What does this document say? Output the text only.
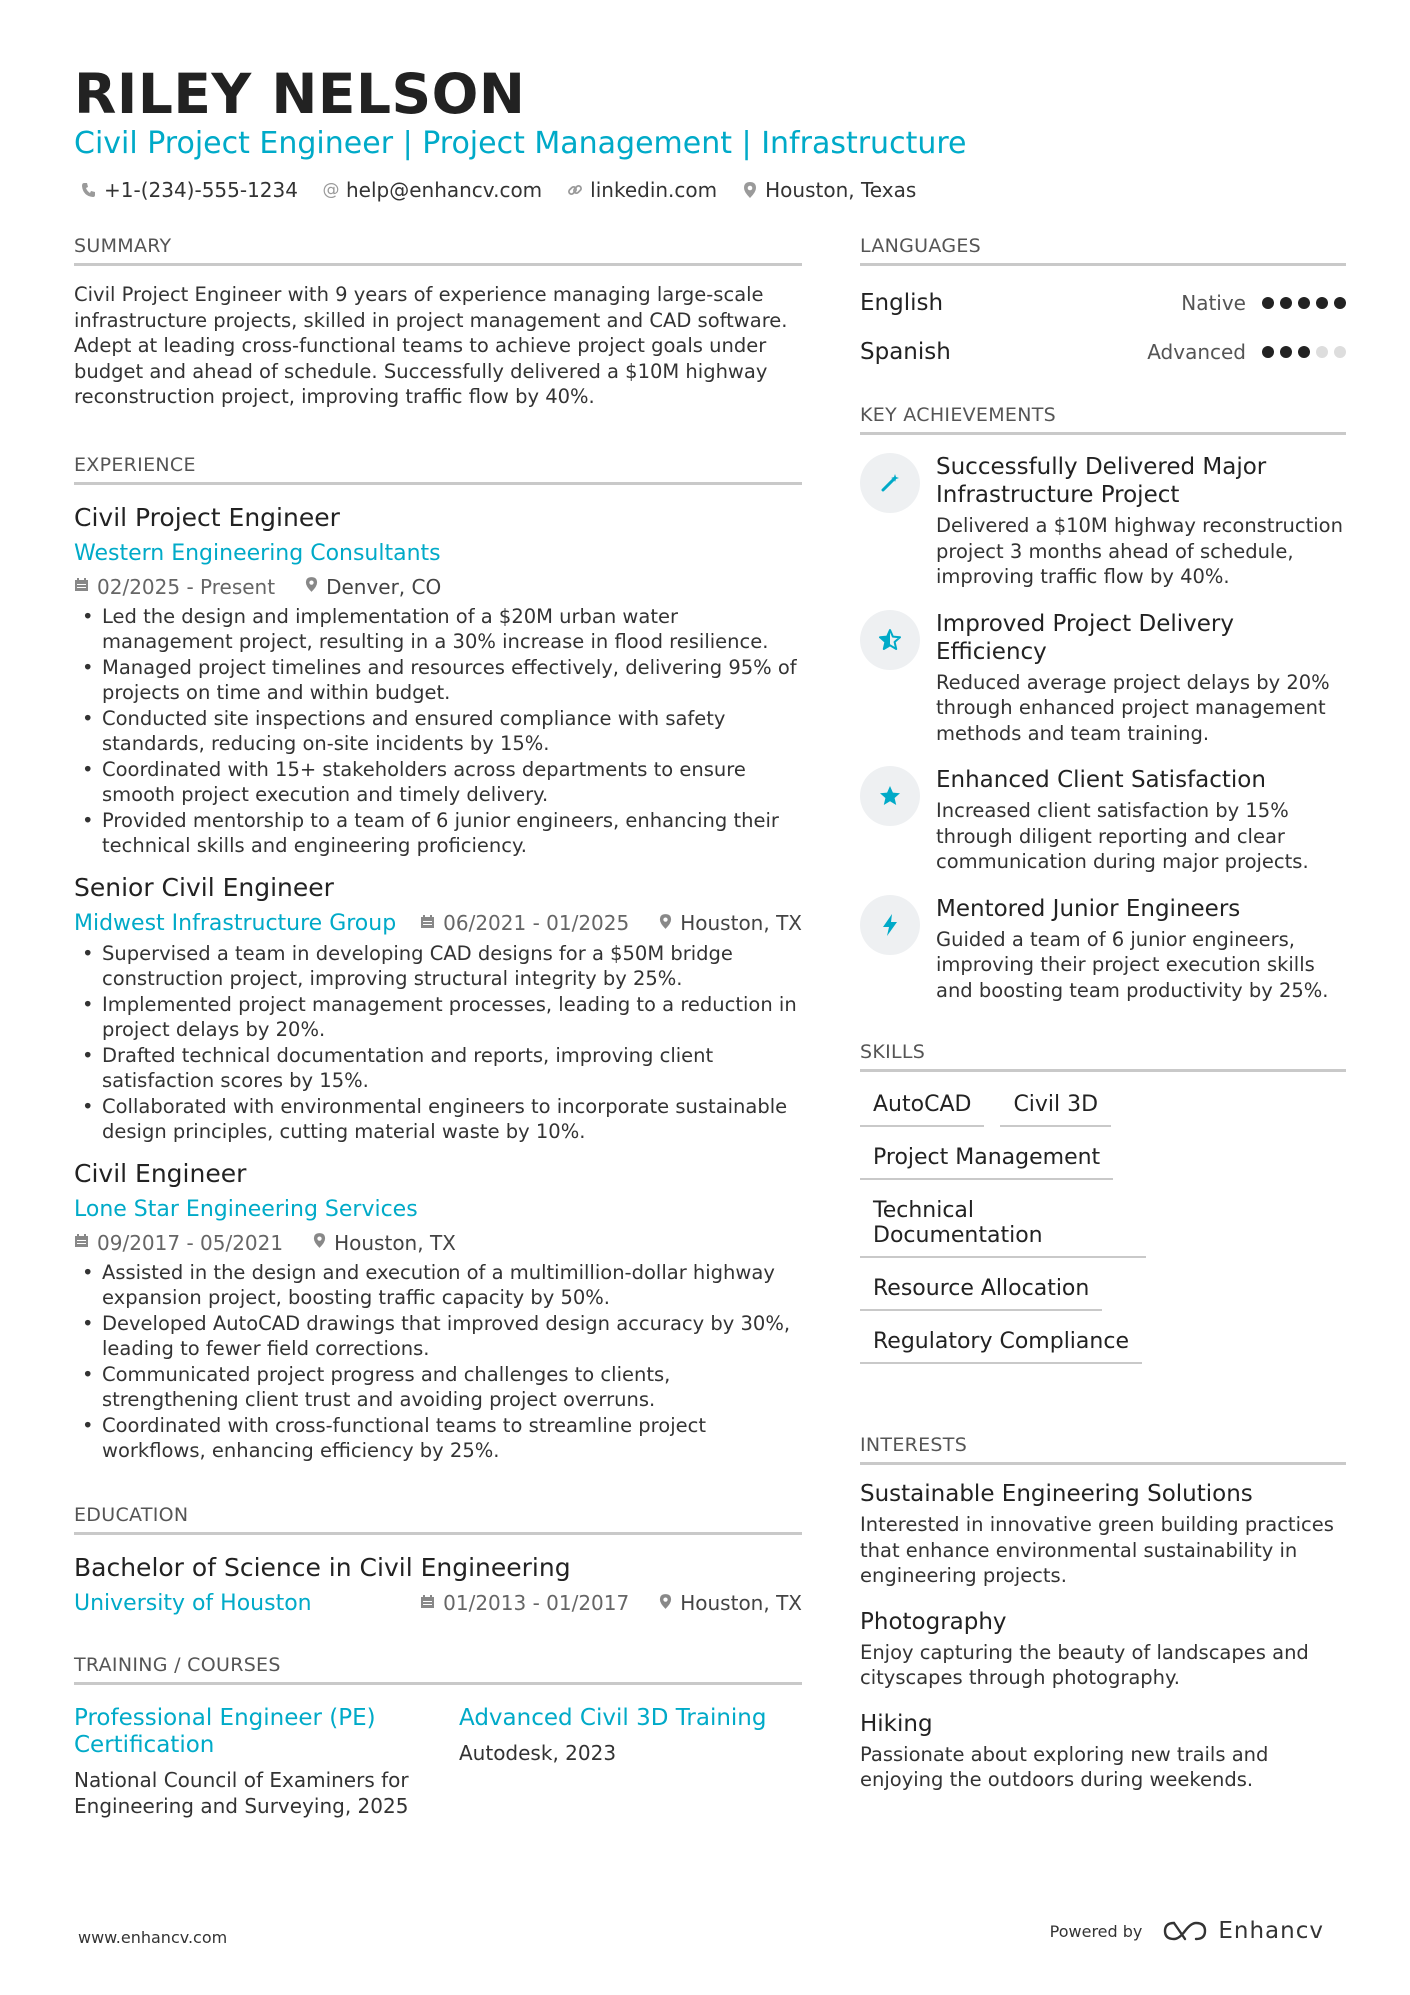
RILEY NELSON
Civil Project Engineer | Project Management | Infrastructure
+1-(234)-555-1234 @ help@enhancv.com linkedin.com Houston, Texas
SUMMARY

Civil Project Engineer with 9 years of experience managing large-scale infrastructure projects, skilled in project management and CAD software. Adept at leading cross-functional teams to achieve project goals under budget and ahead of schedule. Successfully delivered a $10M highway reconstruction project, improving traffic flow by 40%.

EXPERIENCE
Civil Project Engineer
Western Engineering Consultants
02/2025 - Present	Denver, CO
• Led the design and implementation of a $20M urban water management project, resulting in a 30% increase in flood resilience.
• Managed project timelines and resources effectively, delivering 95% of projects on time and within budget.
• Conducted site inspections and ensured compliance with safety standards, reducing on-site incidents by 15%.
• Coordinated with 15+ stakeholders across departments to ensure smooth project execution and timely delivery.
• Provided mentorship to a team of 6 junior engineers, enhancing their technical skills and engineering proficiency.
Senior Civil Engineer
Midwest Infrastructure Group 06/2021 - 01/2025	Houston, TX
• Supervised a team in developing CAD designs for a $50M bridge construction project, improving structural integrity by 25%.
• Implemented project management processes, leading to a reduction in project delays by 20%.
• Drafted technical documentation and reports, improving client satisfaction scores by 15%.
• Collaborated with environmental engineers to incorporate sustainable design principles, cutting material waste by 10%.
Civil Engineer
Lone Star Engineering Services
09/2017 - 05/2021	Houston, TX
• Assisted in the design and execution of a multimillion-dollar highway expansion project, boosting traffic capacity by 50%.
• Developed AutoCAD drawings that improved design accuracy by 30%, leading to fewer field corrections.
• Communicated project progress and challenges to clients, strengthening client trust and avoiding project overruns.
• Coordinated with cross-functional teams to streamline project workflows, enhancing efficiency by 25%.
EDUCATION
Bachelor of Science in Civil Engineering
University of Houston	01/2013 - 01/2017	Houston, TX
TRAINING / COURSES
Professional Engineer (PE) Certification
National Council of Examiners for Engineering and Surveying, 2025
Advanced Civil 3D Training
Autodesk, 2023
LANGUAGES
English	Native
Spanish	Advanced
KEY ACHIEVEMENTS
Successfully Delivered Major Infrastructure Project
Delivered a $10M highway reconstruction project 3 months ahead of schedule, improving traffic flow by 40%.
Improved Project Delivery Efficiency
Reduced average project delays by 20% through enhanced project management methods and team training.
Enhanced Client Satisfaction
Increased client satisfaction by 15% through diligent reporting and clear communication during major projects.
Mentored Junior Engineers
Guided a team of 6 junior engineers, improving their project execution skills and boosting team productivity by 25%.
SKILLS
AutoCAD	Civil 3D
Project Management
Technical Documentation
Resource Allocation
Regulatory Compliance
INTERESTS
Sustainable Engineering Solutions
Interested in innovative green building practices that enhance environmental sustainability in engineering projects.
Photography
Enjoy capturing the beauty of landscapes and cityscapes through photography.
Hiking
Passionate about exploring new trails and enjoying the outdoors during weekends.
www.enhancv.com	Powered by	Enhancv
